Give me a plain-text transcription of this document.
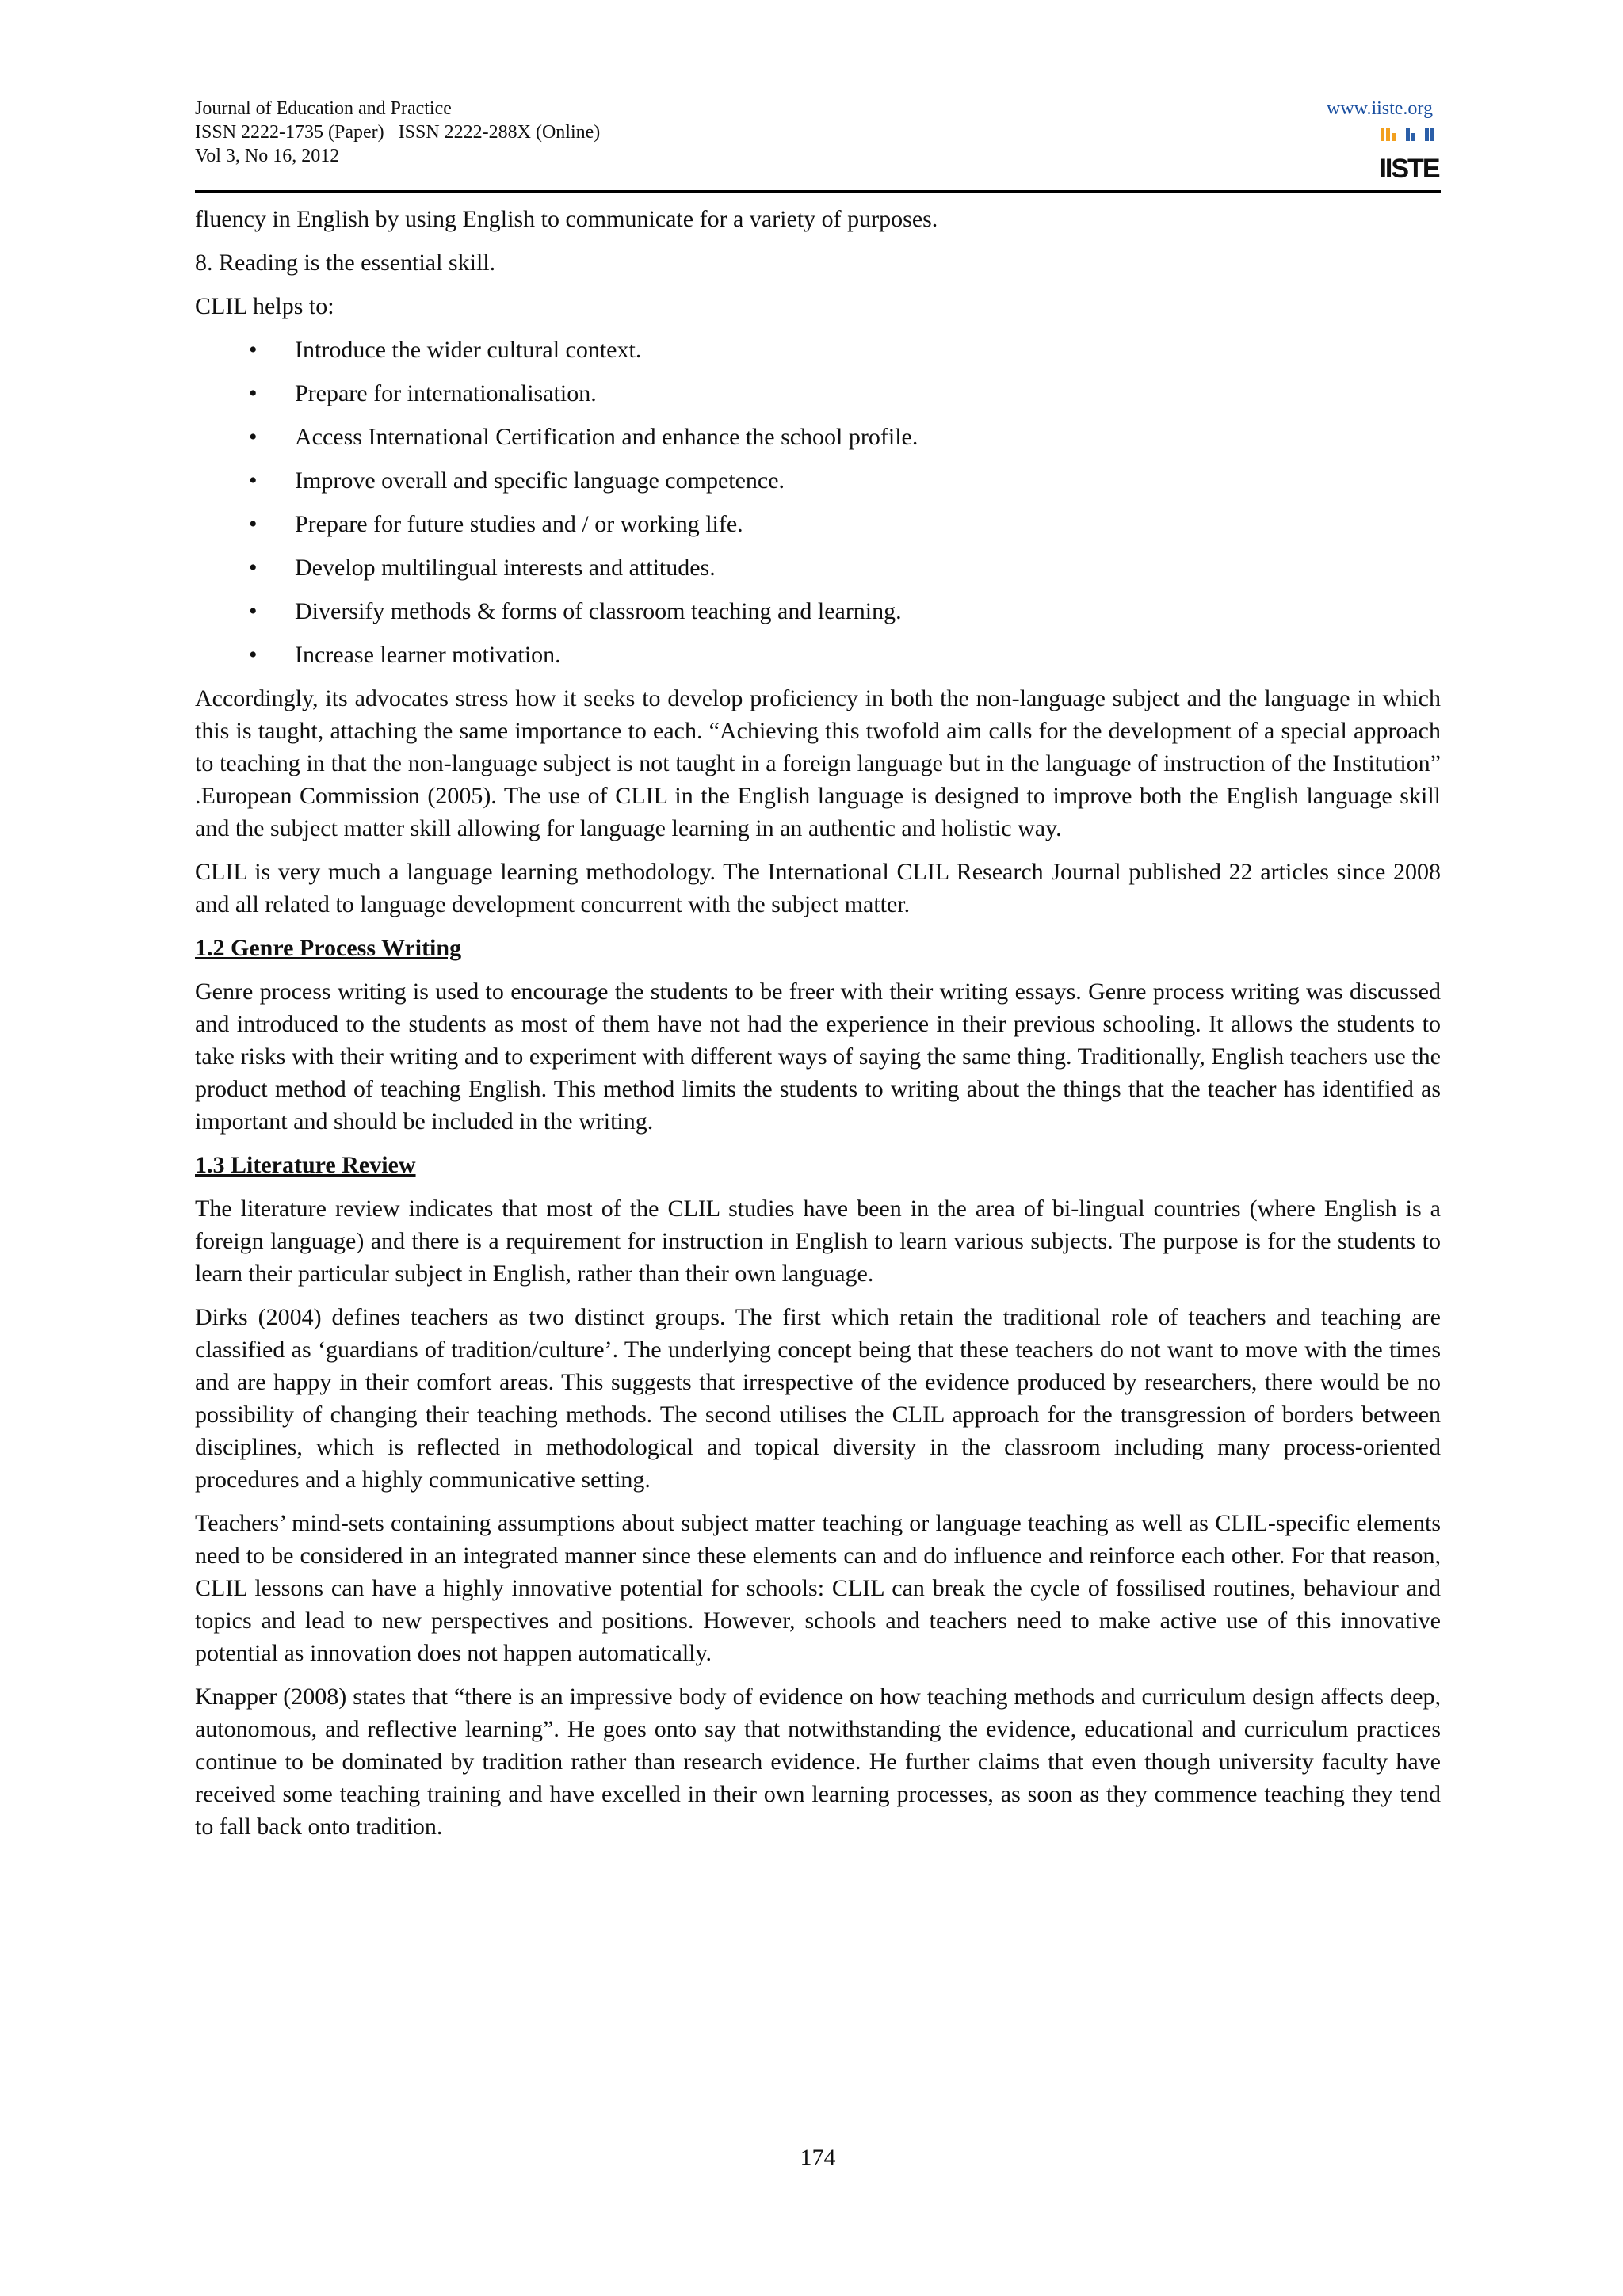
Journal of Education and Practice
ISSN 2222-1735 (Paper)   ISSN 2222-288X (Online)
Vol 3, No 16, 2012
www.iiste.org
IISTE

fluency in English by using English to communicate for a variety of purposes.

8. Reading is the essential skill.

CLIL helps to:

• Introduce the wider cultural context.
• Prepare for internationalisation.
• Access International Certification and enhance the school profile.
• Improve overall and specific language competence.
• Prepare for future studies and / or working life.
• Develop multilingual interests and attitudes.
• Diversify methods & forms of classroom teaching and learning.
• Increase learner motivation.

Accordingly, its advocates stress how it seeks to develop proficiency in both the non-language subject and the language in which this is taught, attaching the same importance to each. “Achieving this twofold aim calls for the development of a special approach to teaching in that the non-language subject is not taught in a foreign language but in the language of instruction of the Institution” .European Commission (2005). The use of CLIL in the English language is designed to improve both the English language skill and the subject matter skill allowing for language learning in an authentic and holistic way.

CLIL is very much a language learning methodology. The International CLIL Research Journal published 22 articles since 2008 and all related to language development concurrent with the subject matter.

1.2 Genre Process Writing

Genre process writing is used to encourage the students to be freer with their writing essays. Genre process writing was discussed and introduced to the students as most of them have not had the experience in their previous schooling. It allows the students to take risks with their writing and to experiment with different ways of saying the same thing. Traditionally, English teachers use the product method of teaching English. This method limits the students to writing about the things that the teacher has identified as important and should be included in the writing.

1.3 Literature Review

The literature review indicates that most of the CLIL studies have been in the area of bi-lingual countries (where English is a foreign language) and there is a requirement for instruction in English to learn various subjects. The purpose is for the students to learn their particular subject in English, rather than their own language.

Dirks (2004) defines teachers as two distinct groups. The first which retain the traditional role of teachers and teaching are classified as ‘guardians of tradition/culture’. The underlying concept being that these teachers do not want to move with the times and are happy in their comfort areas. This suggests that irrespective of the evidence produced by researchers, there would be no possibility of changing their teaching methods. The second utilises the CLIL approach for the transgression of borders between disciplines, which is reflected in methodological and topical diversity in the classroom including many process-oriented procedures and a highly communicative setting.

Teachers’ mind-sets containing assumptions about subject matter teaching or language teaching as well as CLIL-specific elements need to be considered in an integrated manner since these elements can and do influence and reinforce each other. For that reason, CLIL lessons can have a highly innovative potential for schools: CLIL can break the cycle of fossilised routines, behaviour and topics and lead to new perspectives and positions. However, schools and teachers need to make active use of this innovative potential as innovation does not happen automatically.

Knapper (2008) states that “there is an impressive body of evidence on how teaching methods and curriculum design affects deep, autonomous, and reflective learning”. He goes onto say that notwithstanding the evidence, educational and curriculum practices continue to be dominated by tradition rather than research evidence. He further claims that even though university faculty have received some teaching training and have excelled in their own learning processes, as soon as they commence teaching they tend to fall back onto tradition.

174
